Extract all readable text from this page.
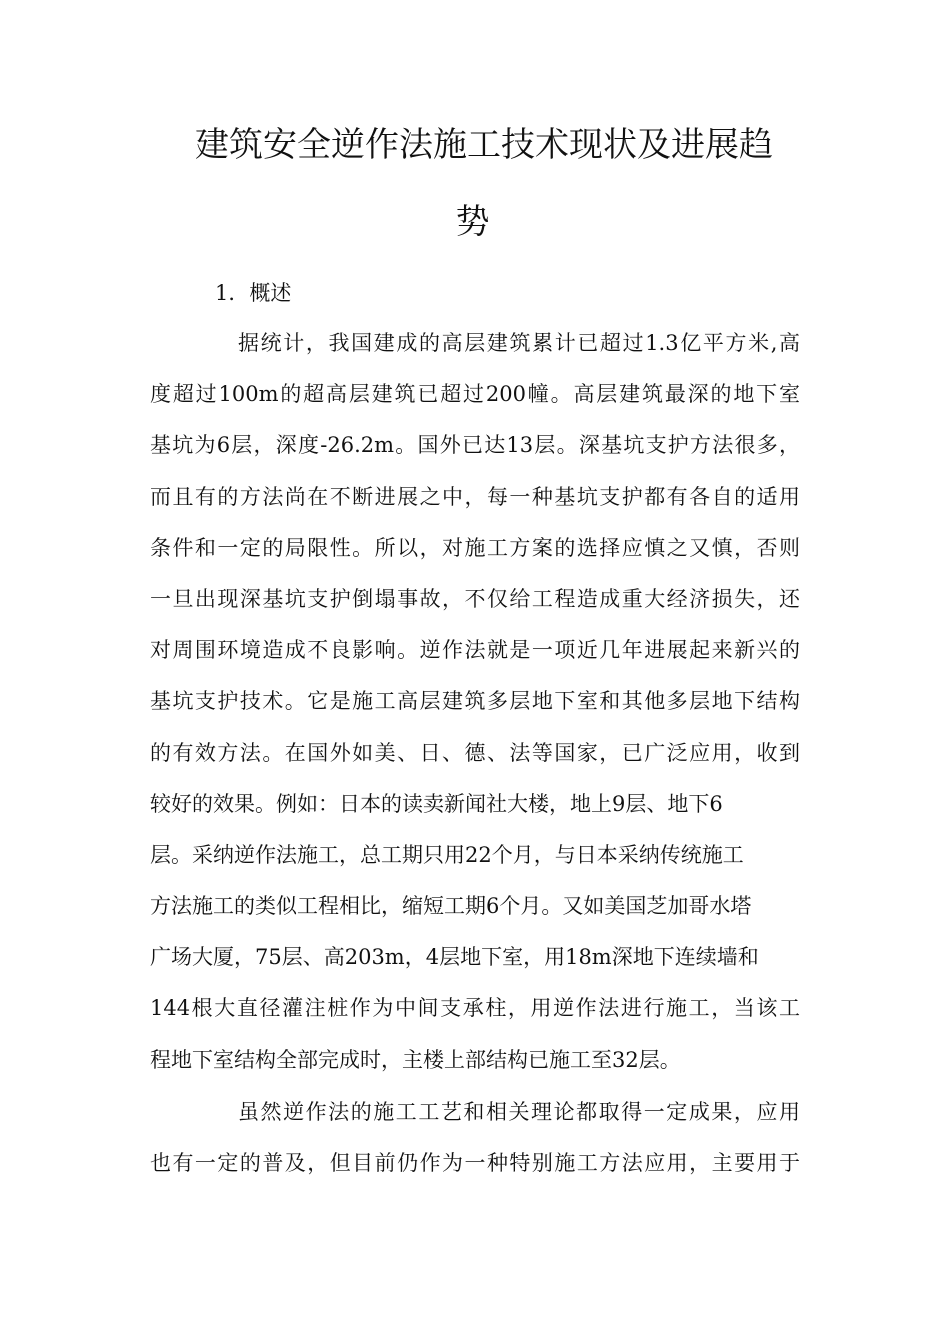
建筑安全逆作法施工技术现状及进展趋
势
1．概述
据统计，我国建成的高层建筑累计已超过1.3亿平方米,高
度超过100m的超高层建筑已超过200幢。高层建筑最深的地下室
基坑为6层，深度-26.2m。国外已达13层。深基坑支护方法很多，
而且有的方法尚在不断进展之中，每一种基坑支护都有各自的适用
条件和一定的局限性。所以，对施工方案的选择应慎之又慎，否则
一旦出现深基坑支护倒塌事故，不仅给工程造成重大经济损失，还
对周围环境造成不良影响。逆作法就是一项近几年进展起来新兴的
基坑支护技术。它是施工高层建筑多层地下室和其他多层地下结构
的有效方法。在国外如美、日、德、法等国家，已广泛应用，收到
较好的效果。例如：日本的读卖新闻社大楼，地上9层、地下6
层。采纳逆作法施工，总工期只用22个月，与日本采纳传统施工
方法施工的类似工程相比，缩短工期6个月。又如美国芝加哥水塔
广场大厦，75层、高203m，4层地下室，用18m深地下连续墙和
144根大直径灌注桩作为中间支承柱，用逆作法进行施工，当该工
程地下室结构全部完成时，主楼上部结构已施工至32层。
虽然逆作法的施工工艺和相关理论都取得一定成果，应用
也有一定的普及，但目前仍作为一种特别施工方法应用，主要用于
